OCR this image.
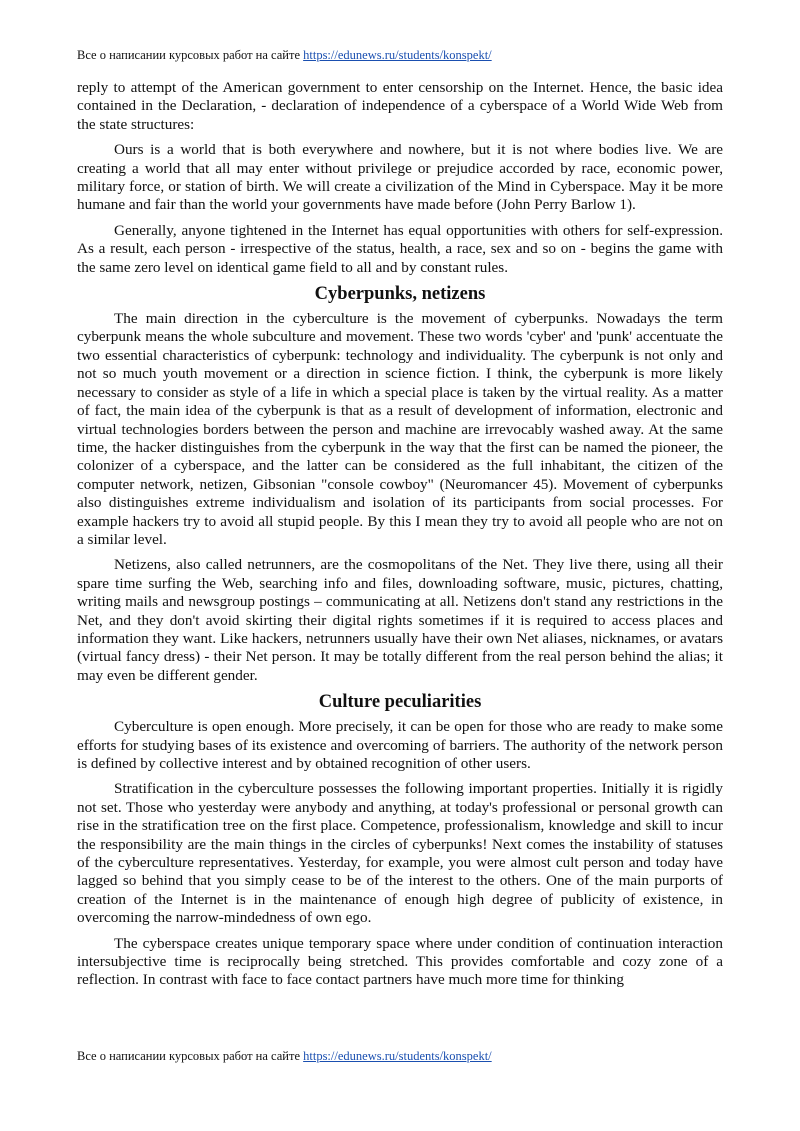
Все о написании курсовых работ на сайте https://edunews.ru/students/konspekt/

reply to attempt of the American government to enter censorship on the Internet. Hence, the basic idea contained in the Declaration, - declaration of independence of a cyberspace of a World Wide Web from the state structures:

Ours is a world that is both everywhere and nowhere, but it is not where bodies live. We are creating a world that all may enter without privilege or prejudice accorded by race, economic power, military force, or station of birth. We will create a civilization of the Mind in Cyberspace. May it be more humane and fair than the world your governments have made before (John Perry Barlow 1).

Generally, anyone tightened in the Internet has equal opportunities with others for self-expression. As a result, each person - irrespective of the status, health, a race, sex and so on - begins the game with the same zero level on identical game field to all and by constant rules.

Cyberpunks, netizens

The main direction in the cyberculture is the movement of cyberpunks. Nowadays the term cyberpunk means the whole subculture and movement. These two words 'cyber' and 'punk' accentuate the two essential characteristics of cyberpunk: technology and individuality. The cyberpunk is not only and not so much youth movement or a direction in science fiction. I think, the cyberpunk is more likely necessary to consider as style of a life in which a special place is taken by the virtual reality. As a matter of fact, the main idea of the cyberpunk is that as a result of development of information, electronic and virtual technologies borders between the person and machine are irrevocably washed away. At the same time, the hacker distinguishes from the cyberpunk in the way that the first can be named the pioneer, the colonizer of a cyberspace, and the latter can be considered as the full inhabitant, the citizen of the computer network, netizen, Gibsonian "console cowboy" (Neuromancer 45). Movement of cyberpunks also distinguishes extreme individualism and isolation of its participants from social processes. For example hackers try to avoid all stupid people. By this I mean they try to avoid all people who are not on a similar level.

Netizens, also called netrunners, are the cosmopolitans of the Net. They live there, using all their spare time surfing the Web, searching info and files, downloading software, music, pictures, chatting, writing mails and newsgroup postings – communicating at all. Netizens don't stand any restrictions in the Net, and they don't avoid skirting their digital rights sometimes if it is required to access places and information they want. Like hackers, netrunners usually have their own Net aliases, nicknames, or avatars (virtual fancy dress) - their Net person. It may be totally different from the real person behind the alias; it may even be different gender.

Culture peculiarities

Cyberculture is open enough. More precisely, it can be open for those who are ready to make some efforts for studying bases of its existence and overcoming of barriers. The authority of the network person is defined by collective interest and by obtained recognition of other users.

Stratification in the cyberculture possesses the following important properties. Initially it is rigidly not set. Those who yesterday were anybody and anything, at today's professional or personal growth can rise in the stratification tree on the first place. Competence, professionalism, knowledge and skill to incur the responsibility are the main things in the circles of cyberpunks! Next comes the instability of statuses of the cyberculture representatives. Yesterday, for example, you were almost cult person and today have lagged so behind that you simply cease to be of the interest to the others. One of the main purports of creation of the Internet is in the maintenance of enough high degree of publicity of existence, in overcoming the narrow-mindedness of own ego.

The cyberspace creates unique temporary space where under condition of continuation interaction intersubjective time is reciprocally being stretched. This provides comfortable and cozy zone of a reflection. In contrast with face to face contact partners have much more time for thinking

Все о написании курсовых работ на сайте https://edunews.ru/students/konspekt/
